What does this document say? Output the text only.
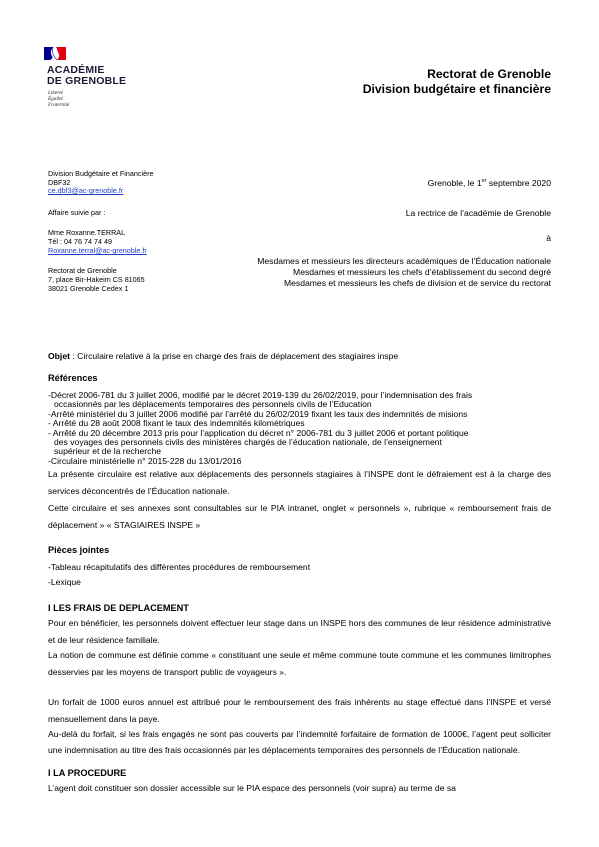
ACADÉMIE
DE GRENOBLE
Liberté
Égalité
Fraternité
Rectorat de Grenoble
Division budgétaire et financière
Division Budgétaire et Financière
DBF32
ce.dbf3@ac-grenoble.fr
Affaire suivie par :
Mme Roxanne.TERRAL
Tél : 04 76 74 74 49
Roxanne.terral@ac-grenoble.fr
Rectorat de Grenoble
7, place Bir-Hakeim CS 81065
38021 Grenoble Cedex 1
Grenoble, le 1er septembre 2020
La rectrice de l’académie de Grenoble
à
Mesdames et messieurs les directeurs académiques de l’Éducation nationale
Mesdames et messieurs les chefs d’établissement du second degré
Mesdames et messieurs les chefs de division et de service du rectorat
Objet : Circulaire relative à la prise en charge des frais de déplacement des stagiaires inspe
Références
-Décret 2006-781 du 3 juillet 2006, modifié par le décret 2019-139 du 26/02/2019, pour l’indemnisation des frais
occasionnés par les déplacements temporaires des personnels civils de l’Education
-Arrêté ministériel du 3 juillet 2006 modifié par l’arrêté du 26/02/2019 fixant les taux des indemnités de misions
- Arrêté du 28 août 2008 fixant le taux des indemnités kilométriques
- Arrêté du 20 décembre 2013 pris pour l’application du décret n° 2006-781 du 3 juillet 2006 et portant politique
des voyages des personnels civils des ministères chargés de l’éducation nationale, de l’enseignement
supérieur et de la recherche
-Circulaire ministérielle n° 2015-228 du 13/01/2016
La présente circulaire est relative aux déplacements des personnels stagiaires à l’INSPE dont le défraiement est à la charge des services déconcentrés de l’Éducation nationale.
Cette circulaire et ses annexes sont consultables sur le PIA intranet, onglet « personnels », rubrique « remboursement frais de déplacement » « STAGIAIRES INSPE »
Pièces jointes
-Tableau récapitulatifs des différentes procédures de remboursement
-Lexique
I LES FRAIS DE DEPLACEMENT
Pour en bénéficier, les personnels doivent effectuer leur stage dans un INSPE hors des communes de leur résidence administrative et de leur résidence familiale.
La notion de commune est définie comme « constituant une seule et même commune toute commune et les communes limitrophes desservies par les moyens de transport public de voyageurs ».
Un forfait de 1000 euros annuel est attribué pour le remboursement des frais inhérents au stage effectué dans l’INSPE et versé mensuellement dans la paye.
Au-delà du forfait, si les frais engagés ne sont pas couverts par l’indemnité forfaitaire de formation de 1000€, l’agent peut solliciter une indemnisation au titre des frais occasionnés par les déplacements temporaires des personnels de l’Éducation nationale.
I LA PROCEDURE
L’agent doit constituer son dossier accessible sur le PIA espace des personnels (voir supra) au terme de sa
